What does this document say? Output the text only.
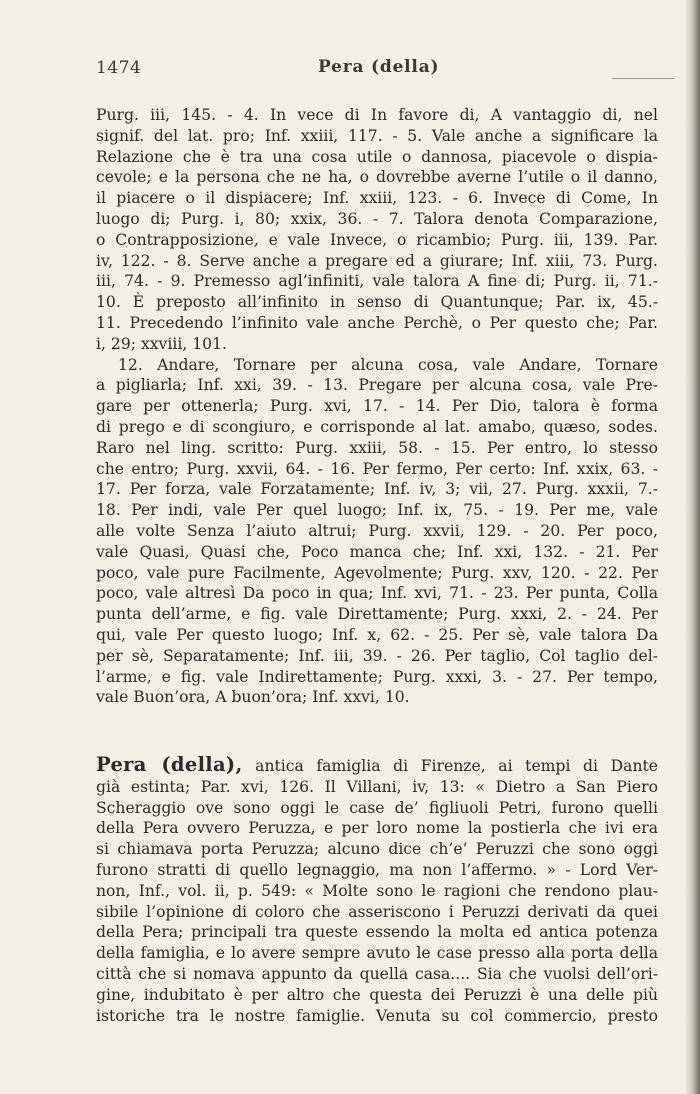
1474	Pera (della)
Purg. iii, 145. - 4. In vece di In favore di, A vantaggio di, nel
signif. del lat. pro; Inf. xxiii, 117. - 5. Vale anche a significare la
Relazione che è tra una cosa utile o dannosa, piacevole o dispia-
cevole; e la persona che ne ha, o dovrebbe averne l’utile o il danno,
il piacere o il dispiacere; Inf. xxiii, 123. - 6. Invece di Come, In
luogo di; Purg. i, 80; xxix, 36. - 7. Talora denota Comparazione,
o Contrapposizione, e vale Invece, o ricambio; Purg. iii, 139. Par.
iv, 122. - 8. Serve anche a pregare ed a giurare; Inf. xiii, 73. Purg.
iii, 74. - 9. Premesso agl’infiniti, vale talora A fine di; Purg. ii, 71.-
10. È preposto all’infinito in senso di Quantunque; Par. ix, 45.-
11. Precedendo l’infinito vale anche Perchè, o Per questo che; Par.
i, 29; xxviii, 101.
12. Andare, Tornare per alcuna cosa, vale Andare, Tornare
a pigliarla; Inf. xxi, 39. - 13. Pregare per alcuna cosa, vale Pre-
gare per ottenerla; Purg. xvi, 17. - 14. Per Dio, talora è forma
di prego e di scongiuro, e corrisponde al lat. amabo, quæso, sodes.
Raro nel ling. scritto: Purg. xxiii, 58. - 15. Per entro, lo stesso
che entro; Purg. xxvii, 64. - 16. Per fermo, Per certo: Inf. xxix, 63. -
17. Per forza, vale Forzatamente; Inf. iv, 3; vii, 27. Purg. xxxii, 7.-
18. Per indi, vale Per quel luogo; Inf. ix, 75. - 19. Per me, vale
alle volte Senza l’aiuto altrui; Purg. xxvii, 129. - 20. Per poco,
vale Quasi, Quasi che, Poco manca che; Inf. xxi, 132. - 21. Per
poco, vale pure Facilmente, Agevolmente; Purg. xxv, 120. - 22. Per
poco, vale altresì Da poco in qua; Inf. xvi, 71. - 23. Per punta, Colla
punta dell’arme, e fig. vale Direttamente; Purg. xxxi, 2. - 24. Per
qui, vale Per questo luogo; Inf. x, 62. - 25. Per sè, vale talora Da
per sè, Separatamente; Inf. iii, 39. - 26. Per taglio, Col taglio del-
l’arme, e fig. vale Indirettamente; Purg. xxxi, 3. - 27. Per tempo,
vale Buon’ora, A buon’ora; Inf. xxvi, 10.
Pera (della), antica famiglia di Firenze, ai tempi di Dante
già estinta; Par. xvi, 126. Il Villani, iv, 13: « Dietro a San Piero
Scheraggio ove sono oggi le case de’ figliuoli Petri, furono quelli
della Pera ovvero Peruzza, e per loro nome la postierla che ivi era
si chiamava porta Peruzza; alcuno dice ch’e’ Peruzzi che sono oggi
furono stratti di quello legnaggio, ma non l’affermo. » - Lord Ver-
non, Inf., vol. ii, p. 549: « Molte sono le ragioni che rendono plau-
sibile l’opinione di coloro che asseriscono i Peruzzi derivati da quei
della Pera; principali tra queste essendo la molta ed antica potenza
della famiglia, e lo avere sempre avuto le case presso alla porta della
città che si nomava appunto da quella casa.... Sia che vuolsi dell’ori-
gine, indubitato è per altro che questa dei Peruzzi è una delle più
istoriche tra le nostre famiglie. Venuta su col commercio, presto
